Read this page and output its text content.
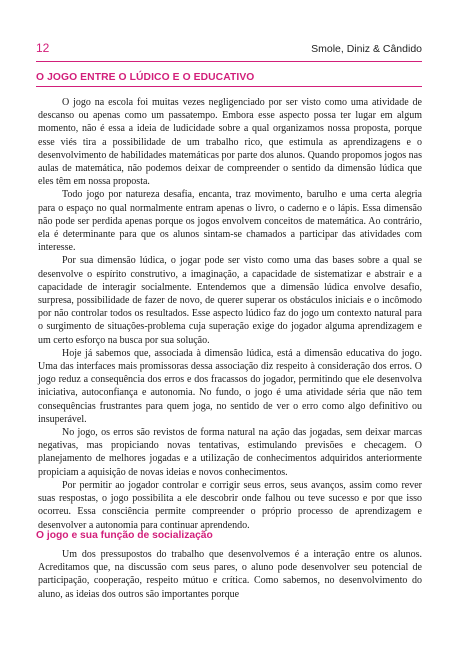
12	Smole, Diniz & Cândido
O JOGO ENTRE O LÚDICO E O EDUCATIVO

O jogo na escola foi muitas vezes negligenciado por ser visto como uma atividade de descanso ou apenas como um passatempo. Embora esse aspecto possa ter lugar em algum momento, não é essa a ideia de ludicidade sobre a qual organizamos nossa proposta, porque esse viés tira a possibilidade de um trabalho rico, que estimula as aprendizagens e o desenvolvimento de habilidades matemáticas por parte dos alunos. Quando propomos jogos nas aulas de matemática, não podemos deixar de compreender o sentido da dimensão lúdica que eles têm em nossa proposta.

Todo jogo por natureza desafia, encanta, traz movimento, barulho e uma certa alegria para o espaço no qual normalmente entram apenas o livro, o caderno e o lápis. Essa dimensão não pode ser perdida apenas porque os jogos envolvem conceitos de matemática. Ao contrário, ela é determinante para que os alunos sintam-se chamados a participar das atividades com interesse.

Por sua dimensão lúdica, o jogar pode ser visto como uma das bases sobre a qual se desenvolve o espírito construtivo, a imaginação, a capacidade de sistematizar e abstrair e a capacidade de interagir socialmente. Entendemos que a dimensão lúdica envolve desafio, surpresa, possibilidade de fazer de novo, de querer superar os obstáculos iniciais e o incômodo por não controlar todos os resultados. Esse aspecto lúdico faz do jogo um contexto natural para o surgimento de situações-problema cuja superação exige do jogador alguma aprendizagem e um certo esforço na busca por sua solução.

Hoje já sabemos que, associada à dimensão lúdica, está a dimensão educativa do jogo. Uma das interfaces mais promissoras dessa associação diz respeito à consideração dos erros. O jogo reduz a consequência dos erros e dos fracassos do jogador, permitindo que ele desenvolva iniciativa, autoconfiança e autonomia. No fundo, o jogo é uma atividade séria que não tem consequências frustrantes para quem joga, no sentido de ver o erro como algo definitivo ou insuperável.

No jogo, os erros são revistos de forma natural na ação das jogadas, sem deixar marcas negativas, mas propiciando novas tentativas, estimulando previsões e checagem. O planejamento de melhores jogadas e a utilização de conhecimentos adquiridos anteriormente propiciam a aquisição de novas ideias e novos conhecimentos.

Por permitir ao jogador controlar e corrigir seus erros, seus avanços, assim como rever suas respostas, o jogo possibilita a ele descobrir onde falhou ou teve sucesso e por que isso ocorreu. Essa consciência permite compreender o próprio processo de aprendizagem e desenvolver a autonomia para continuar aprendendo.

O jogo e sua função de socialização

Um dos pressupostos do trabalho que desenvolvemos é a interação entre os alunos. Acreditamos que, na discussão com seus pares, o aluno pode desenvolver seu potencial de participação, cooperação, respeito mútuo e crítica. Como sabemos, no desenvolvimento do aluno, as ideias dos outros são importantes porque
